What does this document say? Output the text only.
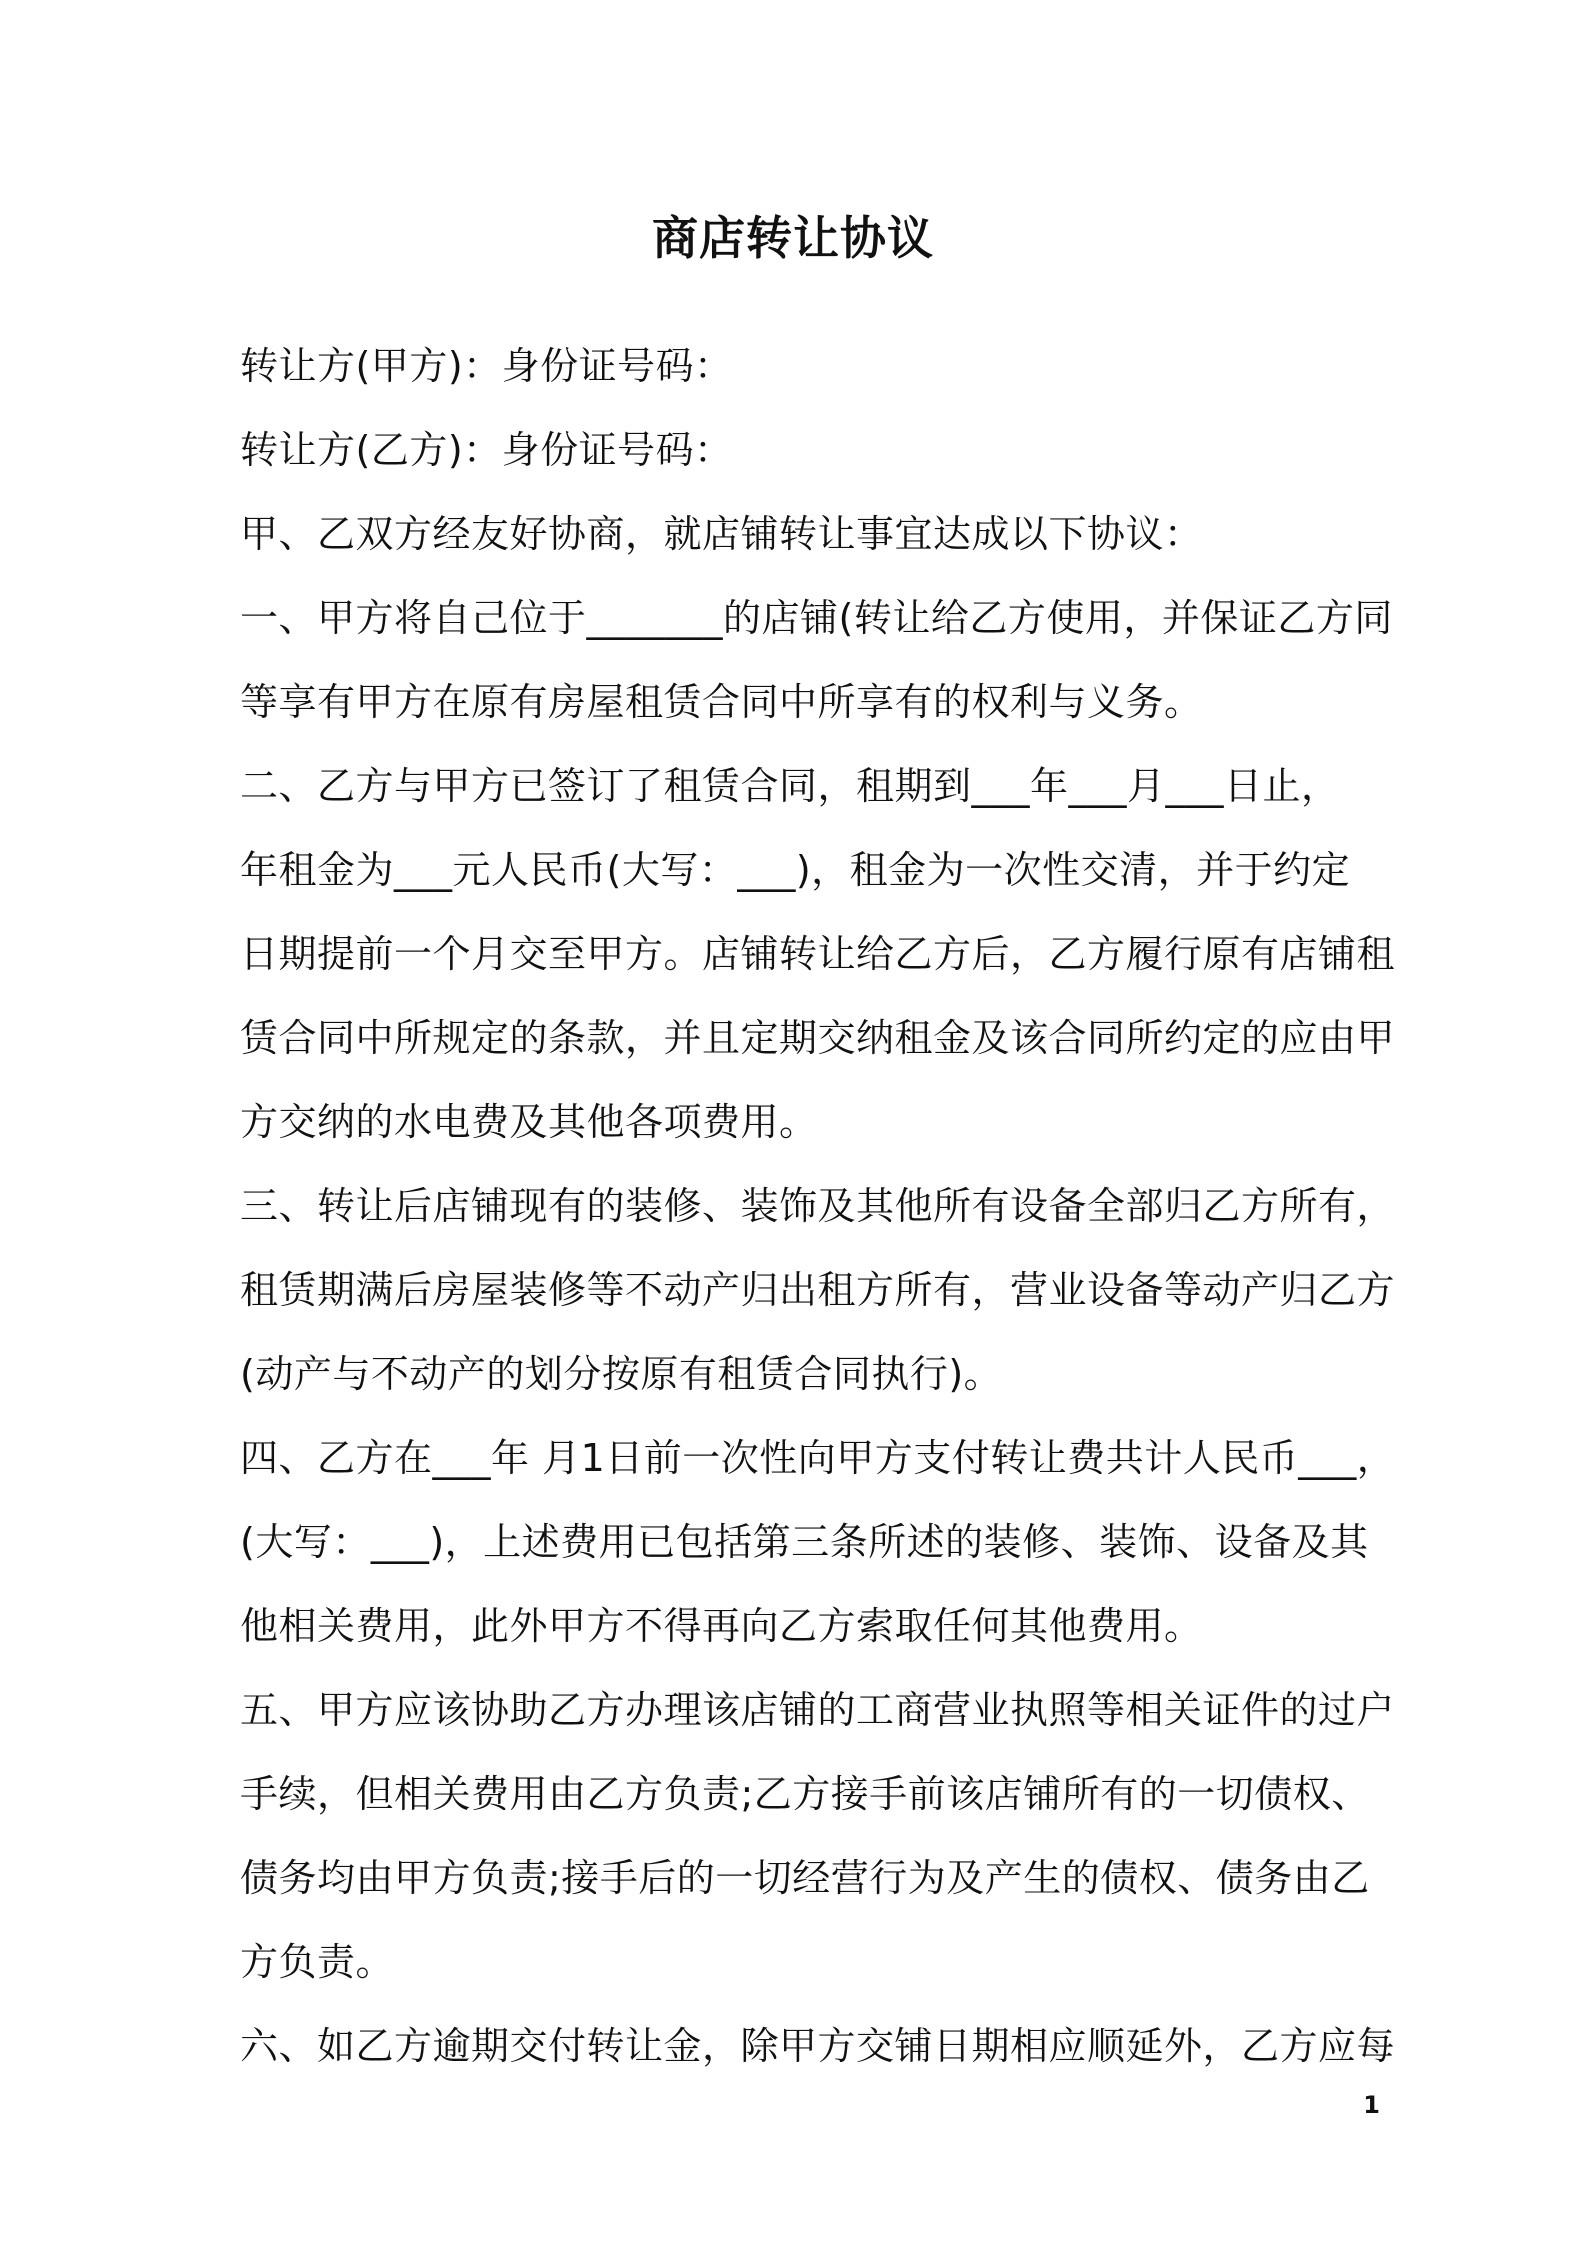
商店转让协议
转让方(甲方)：身份证号码：
转让方(乙方)：身份证号码：
甲、乙双方经友好协商，就店铺转让事宜达成以下协议：
一、甲方将自己位于_______的店铺(转让给乙方使用，并保证乙方同
等享有甲方在原有房屋租赁合同中所享有的权利与义务。
二、乙方与甲方已签订了租赁合同，租期到___年___月___日止，
年租金为___元人民币(大写：___)，租金为一次性交清，并于约定
日期提前一个月交至甲方。店铺转让给乙方后，乙方履行原有店铺租
赁合同中所规定的条款，并且定期交纳租金及该合同所约定的应由甲
方交纳的水电费及其他各项费用。
三、转让后店铺现有的装修、装饰及其他所有设备全部归乙方所有，
租赁期满后房屋装修等不动产归出租方所有，营业设备等动产归乙方
(动产与不动产的划分按原有租赁合同执行)。
四、乙方在___年 月1日前一次性向甲方支付转让费共计人民币___，
(大写：___)，上述费用已包括第三条所述的装修、装饰、设备及其
他相关费用，此外甲方不得再向乙方索取任何其他费用。
五、甲方应该协助乙方办理该店铺的工商营业执照等相关证件的过户
手续，但相关费用由乙方负责;乙方接手前该店铺所有的一切债权、
债务均由甲方负责;接手后的一切经营行为及产生的债权、债务由乙
方负责。
六、如乙方逾期交付转让金，除甲方交铺日期相应顺延外，乙方应每
1
